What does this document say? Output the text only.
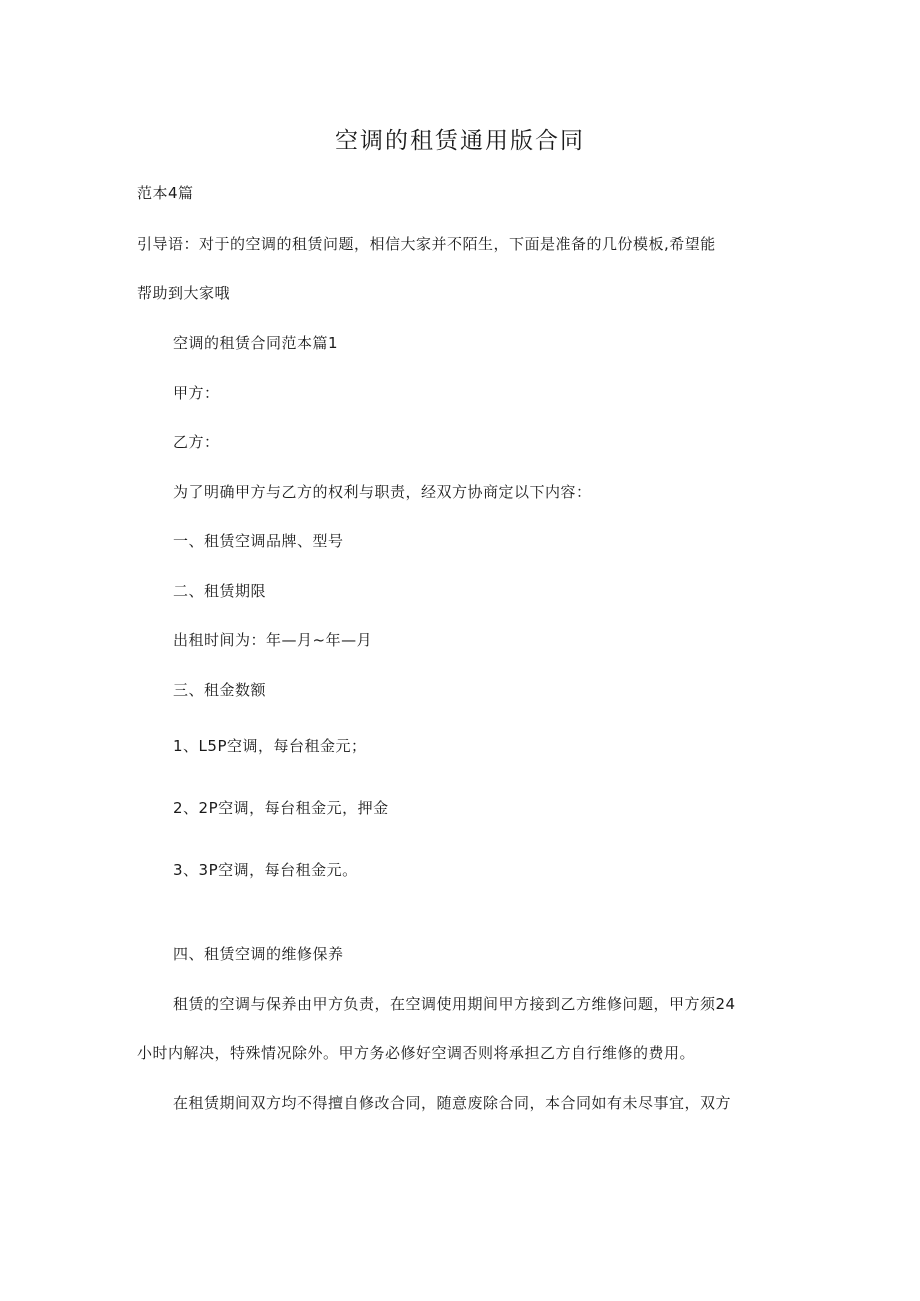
空调的租赁通用版合同
范本4篇
引导语：对于的空调的租赁问题，相信大家并不陌生，下面是准备的几份模板,希望能
帮助到大家哦
空调的租赁合同范本篇1
甲方：
乙方：
为了明确甲方与乙方的权利与职责，经双方协商定以下内容：
一、租赁空调品牌、型号
二、租赁期限
出租时间为：年—月~年—月
三、租金数额
1、L5P空调，每台租金元；
2、2P空调，每台租金元，押金
3、3P空调，每台租金元。
四、租赁空调的维修保养
租赁的空调与保养由甲方负责，在空调使用期间甲方接到乙方维修问题，甲方须24
小时内解决，特殊情况除外。甲方务必修好空调否则将承担乙方自行维修的费用。
在租赁期间双方均不得擅自修改合同，随意废除合同，本合同如有未尽事宜，双方
